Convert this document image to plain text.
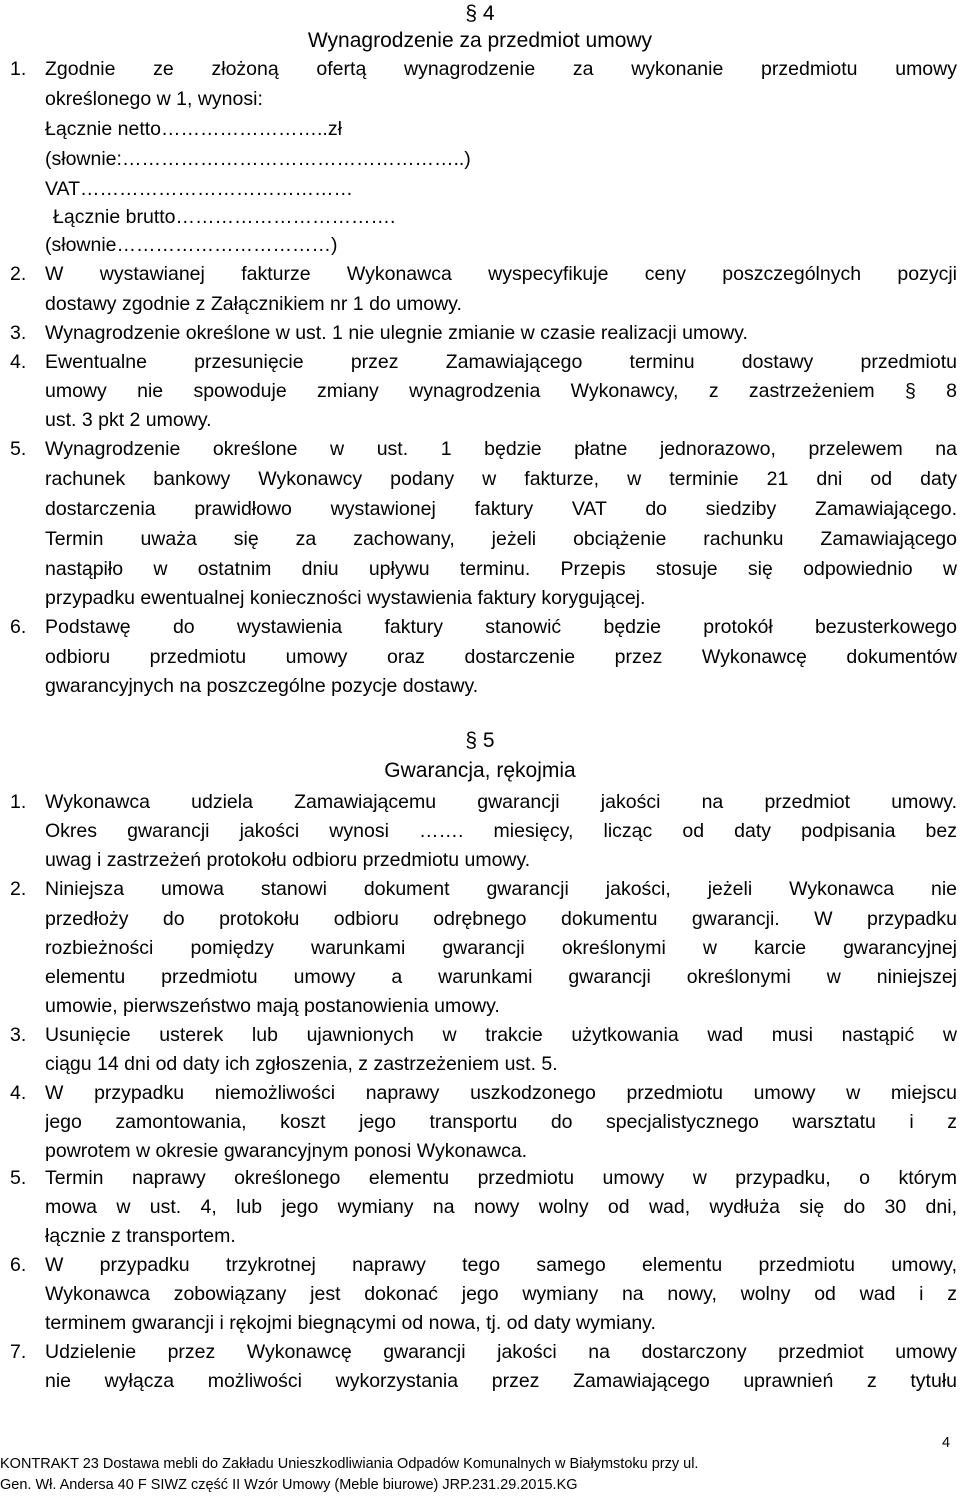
§ 4
Wynagrodzenie za przedmiot umowy
1. Zgodnie ze złożoną ofertą wynagrodzenie za wykonanie przedmiotu umowy
określonego w 1, wynosi:
Łącznie netto……………………..zł
(słownie:……………………………………………..)
VAT……………………………………
Łącznie brutto…………………………….
(słownie……………………………)
2. W wystawianej fakturze Wykonawca wyspecyfikuje ceny poszczególnych pozycji
dostawy zgodnie z Załącznikiem nr 1 do umowy.
3. Wynagrodzenie określone w ust. 1 nie ulegnie zmianie w czasie realizacji umowy.
4. Ewentualne przesunięcie przez Zamawiającego terminu dostawy przedmiotu
umowy nie spowoduje zmiany wynagrodzenia Wykonawcy, z zastrzeżeniem § 8
ust. 3 pkt 2 umowy.
5. Wynagrodzenie określone w ust. 1 będzie płatne jednorazowo, przelewem na
rachunek bankowy Wykonawcy podany w fakturze, w terminie 21 dni od daty
dostarczenia prawidłowo wystawionej faktury VAT do siedziby Zamawiającego.
Termin uważa się za zachowany, jeżeli obciążenie rachunku Zamawiającego
nastąpiło w ostatnim dniu upływu terminu. Przepis stosuje się odpowiednio w
przypadku ewentualnej konieczności wystawienia faktury korygującej.
6. Podstawę do wystawienia faktury stanowić będzie protokół bezusterkowego
odbioru przedmiotu umowy oraz dostarczenie przez Wykonawcę dokumentów
gwarancyjnych na poszczególne pozycje dostawy.
§ 5
Gwarancja, rękojmia
1. Wykonawca udziela Zamawiającemu gwarancji jakości na przedmiot umowy.
Okres gwarancji jakości wynosi ……. miesięcy, licząc od daty podpisania bez
uwag i zastrzeżeń protokołu odbioru przedmiotu umowy.
2. Niniejsza umowa stanowi dokument gwarancji jakości, jeżeli Wykonawca nie
przedłoży do protokołu odbioru odrębnego dokumentu gwarancji. W przypadku
rozbieżności pomiędzy warunkami gwarancji określonymi w karcie gwarancyjnej
elementu przedmiotu umowy a warunkami gwarancji określonymi w niniejszej
umowie, pierwszeństwo mają postanowienia umowy.
3. Usunięcie usterek lub ujawnionych w trakcie użytkowania wad musi nastąpić w
ciągu 14 dni od daty ich zgłoszenia, z zastrzeżeniem ust. 5.
4. W przypadku niemożliwości naprawy uszkodzonego przedmiotu umowy w miejscu
jego zamontowania, koszt jego transportu do specjalistycznego warsztatu i z
powrotem w okresie gwarancyjnym ponosi Wykonawca.
5. Termin naprawy określonego elementu przedmiotu umowy w przypadku, o którym
mowa w ust. 4, lub jego wymiany na nowy wolny od wad, wydłuża się do 30 dni,
łącznie z transportem.
6. W przypadku trzykrotnej naprawy tego samego elementu przedmiotu umowy,
Wykonawca zobowiązany jest dokonać jego wymiany na nowy, wolny od wad i z
terminem gwarancji i rękojmi biegnącymi od nowa, tj. od daty wymiany.
7. Udzielenie przez Wykonawcę gwarancji jakości na dostarczony przedmiot umowy
nie wyłącza możliwości wykorzystania przez Zamawiającego uprawnień z tytułu
4
KONTRAKT 23 Dostawa mebli do Zakładu Unieszkodliwiania Odpadów Komunalnych w Białymstoku przy ul.
Gen. Wł. Andersa 40 F SIWZ część II Wzór Umowy (Meble biurowe) JRP.231.29.2015.KG
